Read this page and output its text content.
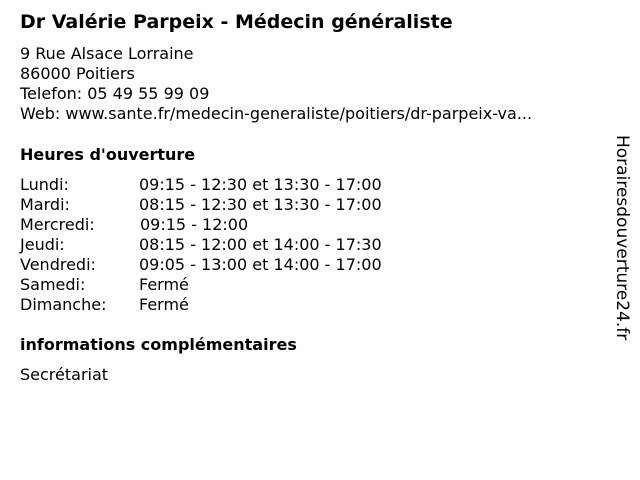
Dr Valérie Parpeix - Médecin généraliste
9 Rue Alsace Lorraine
86000 Poitiers
Telefon: 05 49 55 99 09
Web: www.sante.fr/medecin-generaliste/poitiers/dr-parpeix-va...
Heures d'ouverture
Lundi:	09:15 - 12:30 et 13:30 - 17:00
Mardi:	08:15 - 12:30 et 13:30 - 17:00
Mercredi:	09:15 - 12:00
Jeudi:	08:15 - 12:00 et 14:00 - 17:30
Vendredi:	09:05 - 13:00 et 14:00 - 17:00
Samedi:	Fermé
Dimanche: Fermé
informations complémentaires
Secrétariat
Horairesdouverture24.fr
